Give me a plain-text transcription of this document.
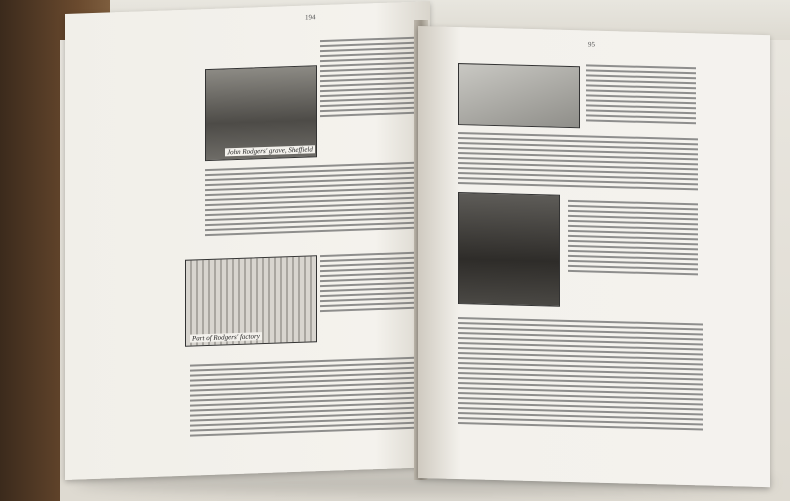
194
John Rodgers' grave, Sheffield
Part of Rodgers' factory
95
